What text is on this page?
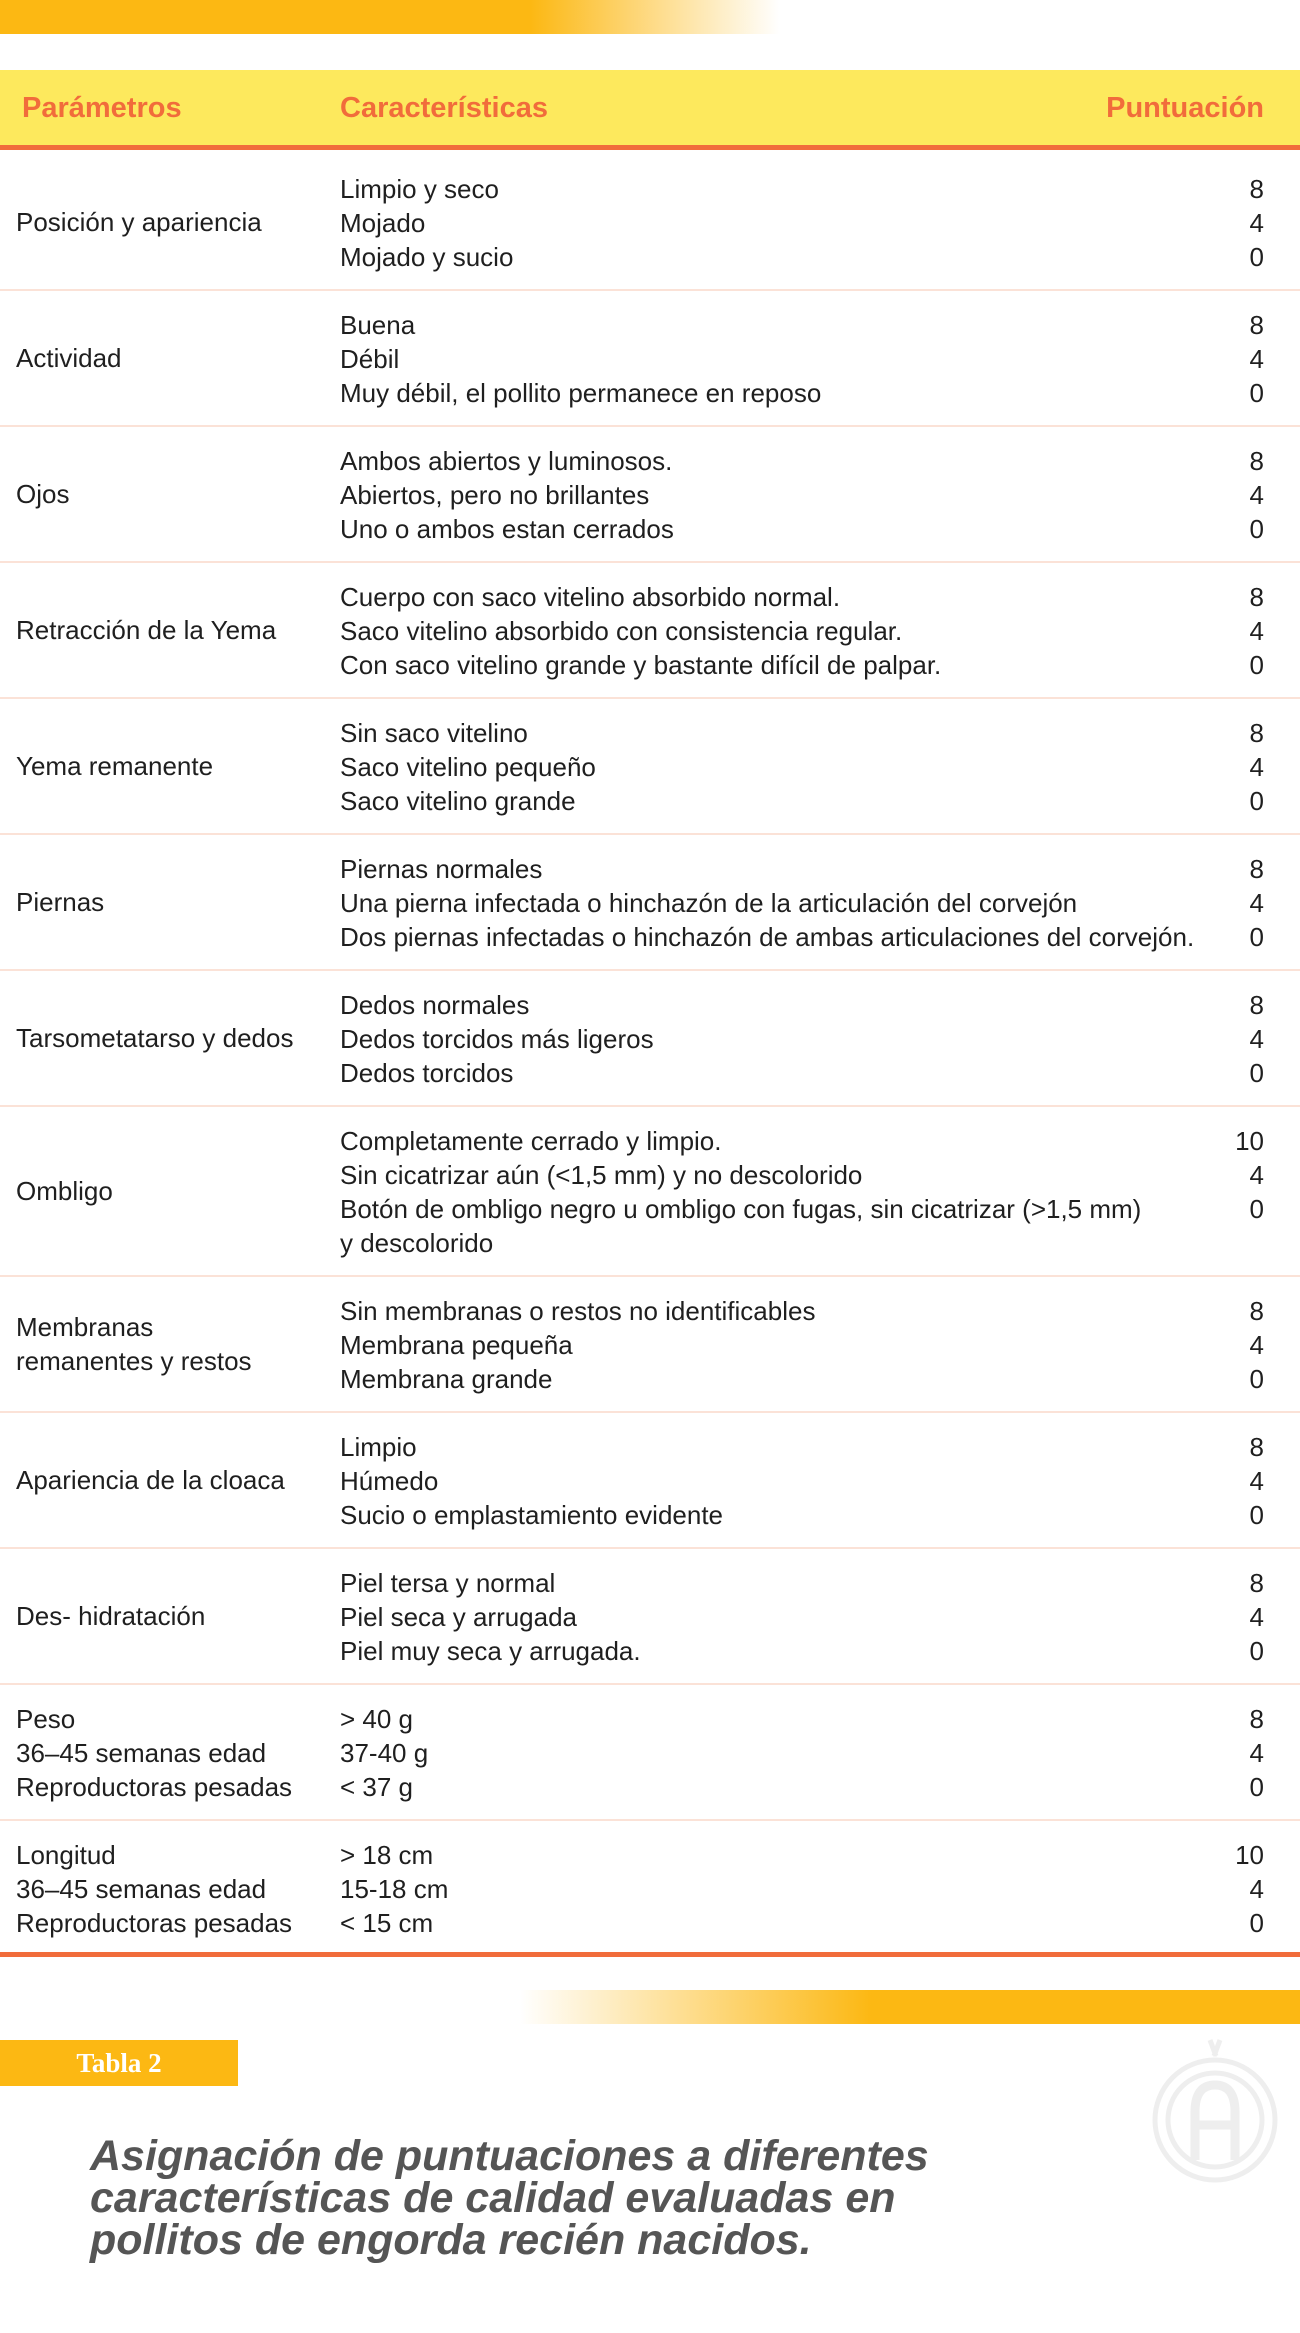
Parámetros	Características	Puntuación
Posición y apariencia
Limpio y seco	8
Mojado	4
Mojado y sucio	0
Actividad
Buena	8
Débil	4
Muy débil, el pollito permanece en reposo	0
Ojos
Ambos abiertos y luminosos.	8
Abiertos, pero no brillantes	4
Uno o ambos estan cerrados	0
Retracción de la Yema
Cuerpo con saco vitelino absorbido normal.	8
Saco vitelino absorbido con consistencia regular.	4
Con saco vitelino grande y bastante difícil de palpar.	0
Yema remanente
Sin saco vitelino	8
Saco vitelino pequeño	4
Saco vitelino grande	0
Piernas
Piernas normales	8
Una pierna infectada o hinchazón de la articulación del corvejón	4
Dos piernas infectadas o hinchazón de ambas articulaciones del corvejón.	0
Tarsometatarso y dedos
Dedos normales	8
Dedos torcidos más ligeros	4
Dedos torcidos	0
Ombligo
Completamente cerrado y limpio.	10
Sin cicatrizar aún (<1,5 mm) y no descolorido	4
Botón de ombligo negro u ombligo con fugas, sin cicatrizar (>1,5 mm)
y descolorido
0
Membranas
remanentes y restos
Sin membranas o restos no identificables	8
Membrana pequeña	4
Membrana grande	0
Apariencia de la cloaca
Limpio	8
Húmedo	4
Sucio o emplastamiento evidente	0
Des- hidratación
Piel tersa y normal	8
Piel seca y arrugada	4
Piel muy seca y arrugada.	0
Peso
36–45 semanas edad
Reproductoras pesadas
> 40 g	8
37-40 g	4
< 37 g	0
Longitud
36–45 semanas edad
Reproductoras pesadas
> 18 cm	10
15-18 cm	4
< 15 cm	0
Tabla 2
Asignación de puntuaciones a diferentes
características de calidad evaluadas en
pollitos de engorda recién nacidos.
